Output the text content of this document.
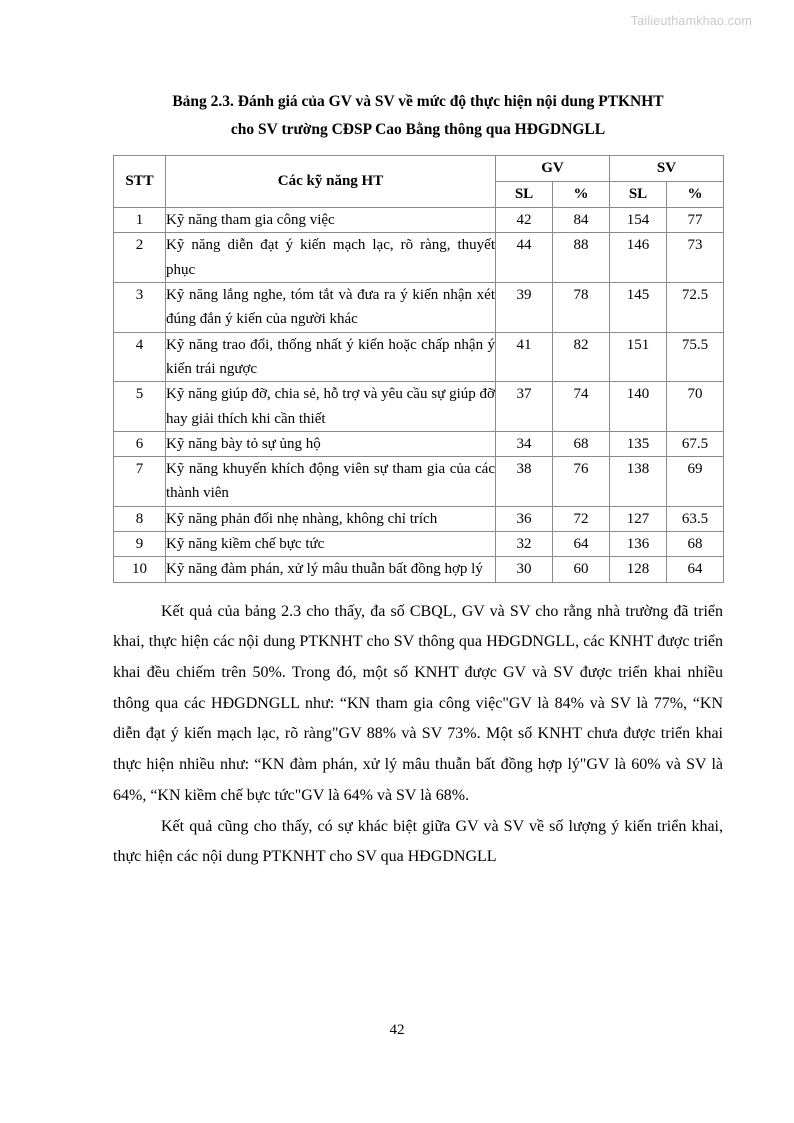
Tailieuthamkhao.com
Bảng 2.3. Đánh giá của GV và SV về mức độ thực hiện nội dung PTKNHT
cho SV trường CĐSP Cao Bằng thông qua HĐGDNGLL
STT	Các kỹ năng HT	GV		SV	
		SL	%	SL	%
1	Kỹ năng tham gia công việc	42	84	154	77
2	Kỹ năng diễn đạt ý kiến mạch lạc, rõ ràng, thuyết phục	44	88	146	73
3	Kỹ năng lắng nghe, tóm tắt và đưa ra ý kiến nhận xét đúng đắn ý kiến của người khác	39	78	145	72.5
4	Kỹ năng trao đổi, thống nhất ý kiến hoặc chấp nhận ý kiến trái ngược	41	82	151	75.5
5	Kỹ năng giúp đỡ, chia sẻ, hỗ trợ và yêu cầu sự giúp đỡ hay giải thích khi cần thiết	37	74	140	70
6	Kỹ năng bày tỏ sự ủng hộ	34	68	135	67.5
7	Kỹ năng khuyến khích động viên sự tham gia của các thành viên	38	76	138	69
8	Kỹ năng phản đối nhẹ nhàng, không chỉ trích	36	72	127	63.5
9	Kỹ năng kiềm chế bực tức	32	64	136	68
10	Kỹ năng đàm phán, xử lý mâu thuẫn bất đồng hợp lý	30	60	128	64

Kết quả của bảng 2.3 cho thấy, đa số CBQL, GV và SV cho rằng nhà trường đã triển khai, thực hiện các nội dung PTKNHT cho SV thông qua HĐGDNGLL, các KNHT được triển khai đều chiếm trên 50%. Trong đó, một số KNHT được GV và SV được triển khai nhiều thông qua các HĐGDNGLL như: “KN tham gia công việc"GV là 84% và SV là 77%, “KN diễn đạt ý kiến mạch lạc, rõ ràng"GV 88% và SV 73%. Một số KNHT chưa được triển khai thực hiện nhiều như: “KN đàm phán, xử lý mâu thuẫn bất đồng hợp lý"GV là 60% và SV là 64%, “KN kiềm chế bực tức"GV là 64% và SV là 68%.

Kết quả cũng cho thấy, có sự khác biệt giữa GV và SV về số lượng ý kiến triển khai, thực hiện các nội dung PTKNHT cho SV qua HĐGDNGLL

42
